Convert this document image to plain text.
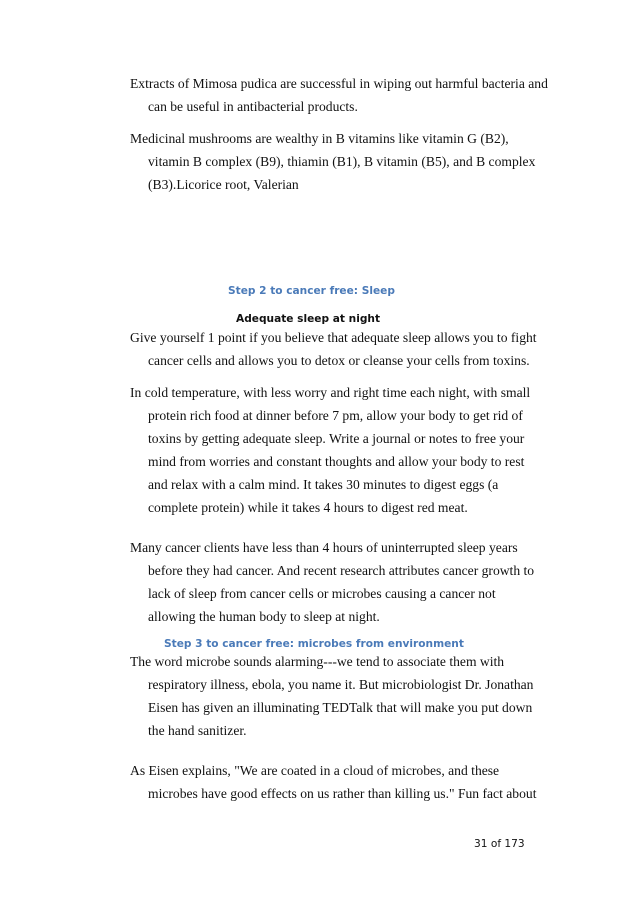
Extracts of Mimosa pudica are successful in wiping out harmful bacteria and
can be useful in antibacterial products.

Medicinal mushrooms are wealthy in B vitamins like vitamin G (B2),
vitamin B complex (B9), thiamin (B1), B vitamin (B5), and B complex
(B3).Licorice root, Valerian

Step 2 to cancer free: Sleep
Adequate sleep at night

Give yourself 1 point if you believe that adequate sleep allows you to fight
cancer cells and allows you to detox or cleanse your cells from toxins.

In cold temperature, with less worry and right time each night, with small
protein rich food at dinner before 7 pm, allow your body to get rid of
toxins by getting adequate sleep. Write a journal or notes to free your
mind from worries and constant thoughts and allow your body to rest
and relax with a calm mind. It takes 30 minutes to digest eggs (a
complete protein) while it takes 4 hours to digest red meat.

Many cancer clients have less than 4 hours of uninterrupted sleep years
before they had cancer. And recent research attributes cancer growth to
lack of sleep from cancer cells or microbes causing a cancer not
allowing the human body to sleep at night.

Step 3 to cancer free: microbes from environment

The word microbe sounds alarming---we tend to associate them with
respiratory illness, ebola, you name it. But microbiologist Dr. Jonathan
Eisen has given an illuminating TEDTalk that will make you put down
the hand sanitizer.

As Eisen explains, "We are coated in a cloud of microbes, and these
microbes have good effects on us rather than killing us." Fun fact about

31 of 173
